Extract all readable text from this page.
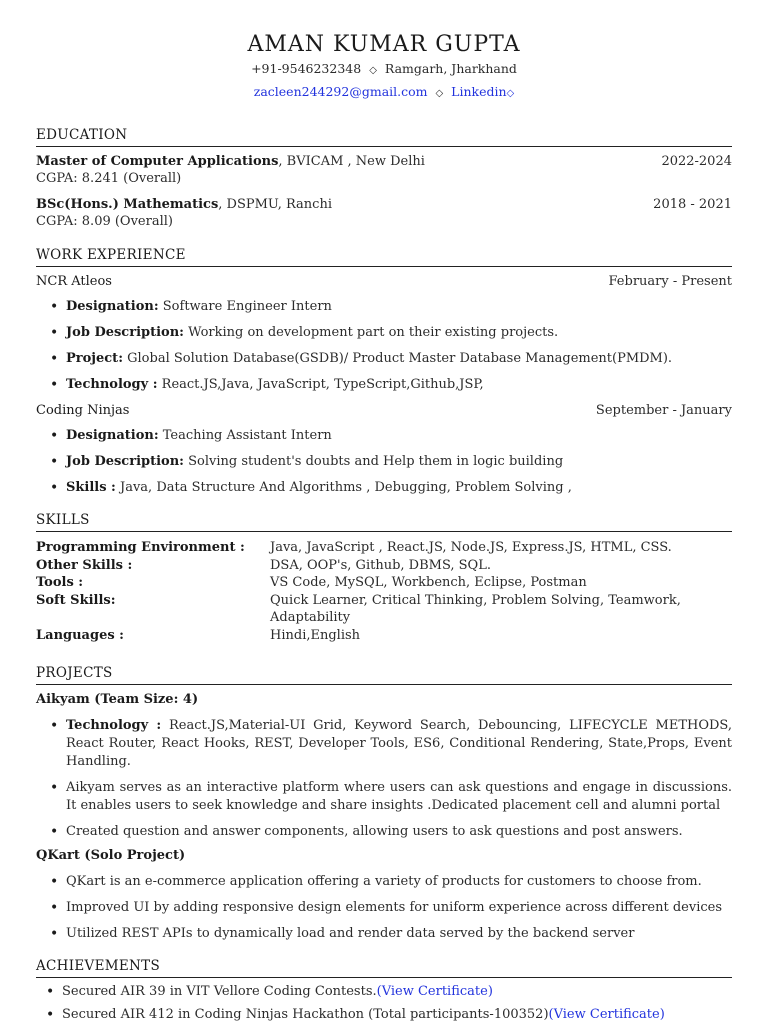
AMAN KUMAR GUPTA
+91-9546232348 ◇ Ramgarh, Jharkhand
zacleen244292@gmail.com ◇ Linkedin◇
EDUCATION
Master of Computer Applications, BVICAM , New Delhi	2022-2024
CGPA: 8.241 (Overall)
BSc(Hons.) Mathematics, DSPMU, Ranchi	2018 - 2021
CGPA: 8.09 (Overall)
WORK EXPERIENCE
NCR Atleos	February - Present
• Designation: Software Engineer Intern
• Job Description: Working on development part on their existing projects.
• Project: Global Solution Database(GSDB)/ Product Master Database Management(PMDM).
• Technology : React.JS,Java, JavaScript, TypeScript,Github,JSP,
Coding Ninjas	September - January
• Designation: Teaching Assistant Intern
• Job Description: Solving student's doubts and Help them in logic building
• Skills : Java, Data Structure And Algorithms , Debugging, Problem Solving ,
SKILLS
Programming Environment :	Java, JavaScript , React.JS, Node.JS, Express.JS, HTML, CSS.
Other Skills :	DSA, OOP's, Github, DBMS, SQL.
Tools :	VS Code, MySQL, Workbench, Eclipse, Postman
Soft Skills:	Quick Learner, Critical Thinking, Problem Solving, Teamwork, Adaptability
Languages :	Hindi,English
PROJECTS
Aikyam (Team Size: 4)
• Technology : React.JS,Material-UI Grid, Keyword Search, Debouncing, LIFECYCLE METHODS, React Router, React Hooks, REST, Developer Tools, ES6, Conditional Rendering, State,Props, Event Handling.
• Aikyam serves as an interactive platform where users can ask questions and engage in discussions. It enables users to seek knowledge and share insights .Dedicated placement cell and alumni portal
• Created question and answer components, allowing users to ask questions and post answers.
QKart (Solo Project)
• QKart is an e-commerce application offering a variety of products for customers to choose from.
• Improved UI by adding responsive design elements for uniform experience across different devices
• Utilized REST APIs to dynamically load and render data served by the backend server
ACHIEVEMENTS
• Secured AIR 39 in VIT Vellore Coding Contests.(View Certificate)
• Secured AIR 412 in Coding Ninjas Hackathon (Total participants-100352)(View Certificate)
